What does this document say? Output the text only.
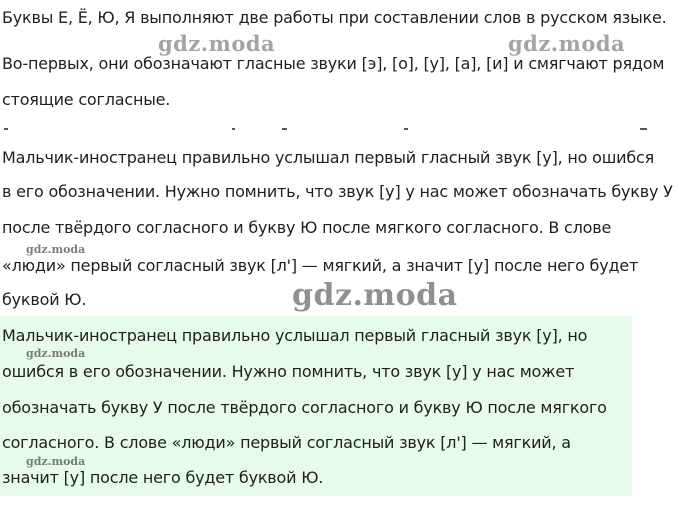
Буквы Е, Ё, Ю, Я выполняют две работы при составлении слов в русском языке.
Во-первых, они обозначают гласные звуки [э], [о], [у], [а], [и] и смягчают рядом
стоящие согласные.
Мальчик-иностранец правильно услышал первый гласный звук [у], но ошибся
в его обозначении. Нужно помнить, что звук [у] у нас может обозначать букву У
после твёрдого согласного и букву Ю после мягкого согласного. В слове
«люди» первый согласный звук [л'] — мягкий, а значит [у] после него будет
буквой Ю.
Мальчик-иностранец правильно услышал первый гласный звук [у], но
ошибся в его обозначении. Нужно помнить, что звук [у] у нас может
обозначать букву У после твёрдого согласного и букву Ю после мягкого
согласного. В слове «люди» первый согласный звук [л'] — мягкий, а
значит [у] после него будет буквой Ю.
gdz.moda	gdz.moda
gdz.moda
gdz.moda
gdz.moda
gdz.moda
